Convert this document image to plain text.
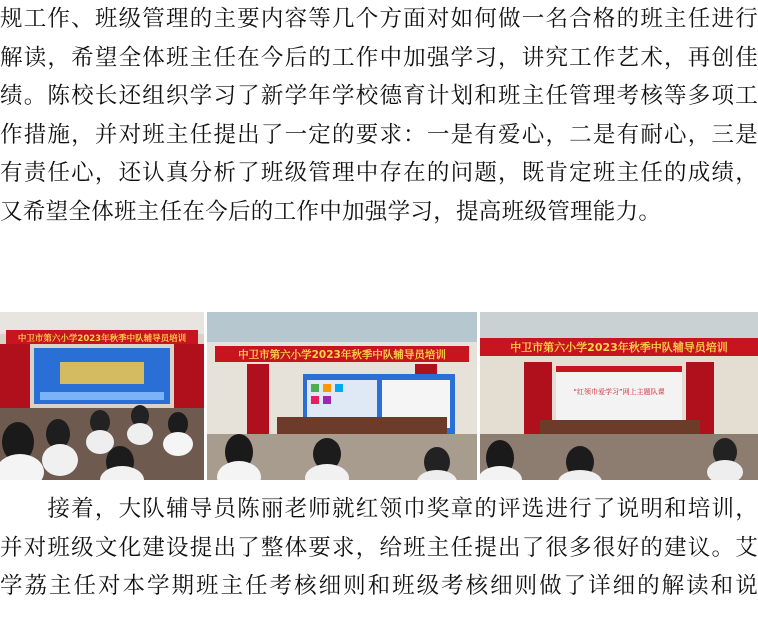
规工作、班级管理的主要内容等几个方面对如何做一名合格的班主任进行
解读，希望全体班主任在今后的工作中加强学习，讲究工作艺术，再创佳
绩。陈校长还组织学习了新学年学校德育计划和班主任管理考核等多项工
作措施，并对班主任提出了一定的要求：一是有爱心，二是有耐心，三是
有责任心，还认真分析了班级管理中存在的问题，既肯定班主任的成绩，
又希望全体班主任在今后的工作中加强学习，提高班级管理能力。
中卫市第六小学2023年秋季中队辅导员培训
中卫市第六小学2023年秋季中队辅导员培训
中卫市第六小学2023年秋季中队辅导员培训
“红领巾爱学习”网上主题队课
　　接着，大队辅导员陈丽老师就红领巾奖章的评选进行了说明和培训，
并对班级文化建设提出了整体要求，给班主任提出了很多很好的建议。艾
学荔主任对本学期班主任考核细则和班级考核细则做了详细的解读和说
